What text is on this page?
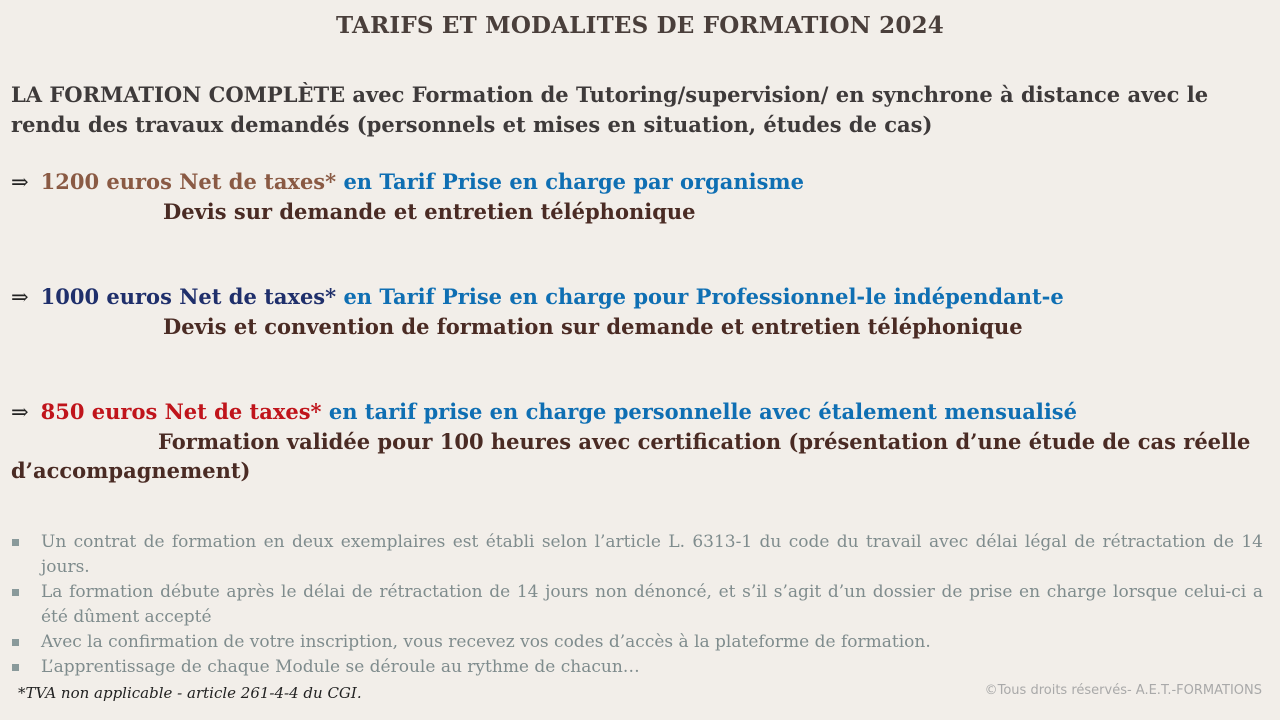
TARIFS ET MODALITES DE FORMATION 2024
LA FORMATION COMPLÈTE avec Formation de Tutoring/supervision/ en synchrone à distance avec le rendu des travaux demandés (personnels et mises en situation, études de cas)
⇒ 1200 euros Net de taxes* en Tarif Prise en charge par organisme
Devis sur demande et entretien téléphonique
⇒ 1000 euros Net de taxes* en Tarif Prise en charge pour Professionnel-le indépendant-e
Devis et convention de formation sur demande et entretien téléphonique
⇒ 850 euros Net de taxes* en tarif prise en charge personnelle avec étalement mensualisé
Formation validée pour 100 heures avec certification (présentation d’une étude de cas réelle d’accompagnement)
Un contrat de formation en deux exemplaires est établi selon l’article L. 6313-1 du code du travail avec délai légal de rétractation de 14 jours.
La formation débute après le délai de rétractation de 14 jours non dénoncé, et s’il s’agit d’un dossier de prise en charge lorsque celui-ci a été dûment accepté
Avec la confirmation de votre inscription, vous recevez vos codes d’accès à la plateforme de formation.
L’apprentissage de chaque Module se déroule au rythme de chacun…
*TVA non applicable - article 261-4-4 du CGI.	©Tous droits réservés- A.E.T.-FORMATIONS
